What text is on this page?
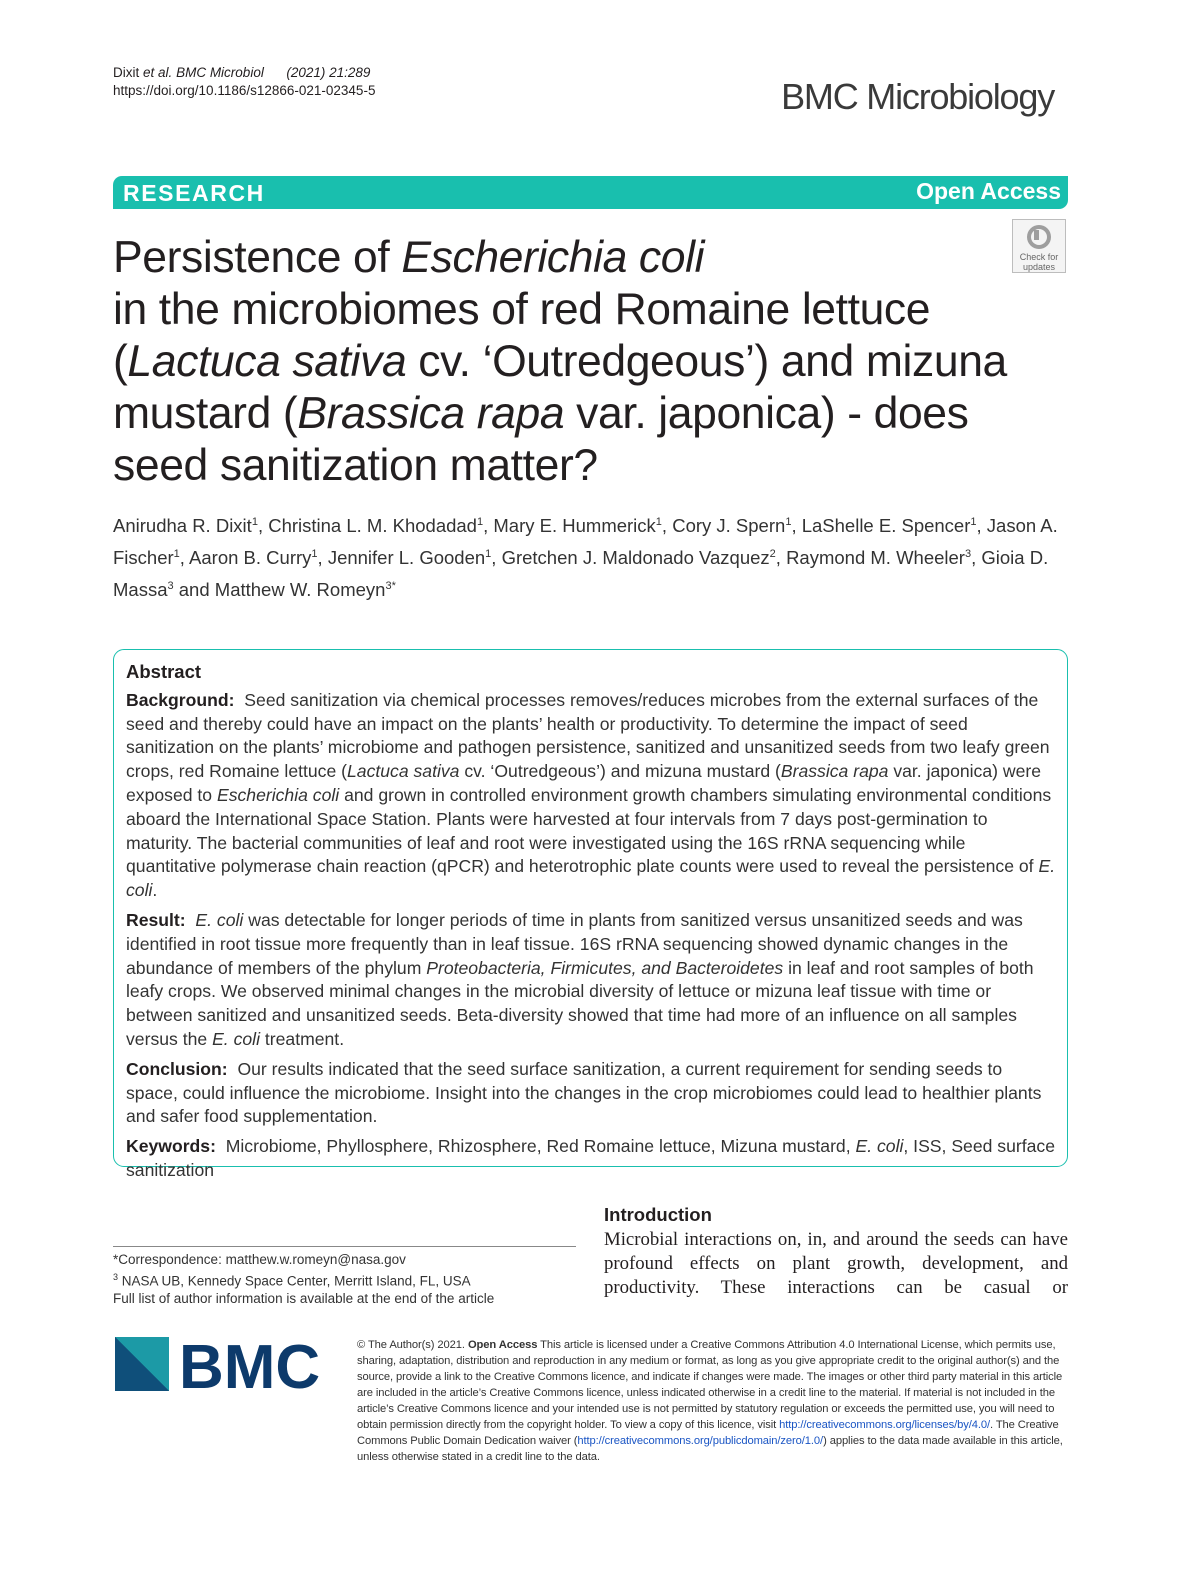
Dixit et al. BMC Microbiol (2021) 21:289
https://doi.org/10.1186/s12866-021-02345-5	BMC Microbiology
RESEARCH	Open Access
Check for
updates
Persistence of Escherichia coli
in the microbiomes of red Romaine lettuce (Lactuca sativa cv. ‘Outredgeous’) and mizuna mustard (Brassica rapa var. japonica) - does seed sanitization matter?
Anirudha R. Dixit$^1$, Christina L. M. Khodadad$^1$, Mary E. Hummerick$^1$, Cory J. Spern$^1$, LaShelle E. Spencer$^1$, Jason A. Fischer$^1$, Aaron B. Curry$^1$, Jennifer L. Gooden$^1$, Gretchen J. Maldonado Vazquez$^2$, Raymond M. Wheeler$^3$, Gioia D. Massa$^3$ and Matthew W. Romeyn$^{3*}$
Abstract

Background: Seed sanitization via chemical processes removes/reduces microbes from the external surfaces of the seed and thereby could have an impact on the plants’ health or productivity. To determine the impact of seed sanitization on the plants’ microbiome and pathogen persistence, sanitized and unsanitized seeds from two leafy green crops, red Romaine lettuce (Lactuca sativa cv. ‘Outredgeous’) and mizuna mustard (Brassica rapa var. japonica) were exposed to Escherichia coli and grown in controlled environment growth chambers simulating environmental conditions aboard the International Space Station. Plants were harvested at four intervals from 7 days post-germination to maturity. The bacterial communities of leaf and root were investigated using the 16S rRNA sequencing while quantitative polymerase chain reaction (qPCR) and heterotrophic plate counts were used to reveal the persistence of E. coli.

Result: E. coli was detectable for longer periods of time in plants from sanitized versus unsanitized seeds and was identified in root tissue more frequently than in leaf tissue. 16S rRNA sequencing showed dynamic changes in the abundance of members of the phylum Proteobacteria, Firmicutes, and Bacteroidetes in leaf and root samples of both leafy crops. We observed minimal changes in the microbial diversity of lettuce or mizuna leaf tissue with time or between sanitized and unsanitized seeds. Beta-diversity showed that time had more of an influence on all samples versus the E. coli treatment.

Conclusion: Our results indicated that the seed surface sanitization, a current requirement for sending seeds to space, could influence the microbiome. Insight into the changes in the crop microbiomes could lead to healthier plants and safer food supplementation.

Keywords: Microbiome, Phyllosphere, Rhizosphere, Red Romaine lettuce, Mizuna mustard, E. coli, ISS, Seed surface sanitization

Introduction
Microbial interactions on, in, and around the seeds can have profound effects on plant growth, development, and productivity. These interactions can be casual or
*Correspondence: matthew.w.romeyn@nasa.gov
$^3$ NASA UB, Kennedy Space Center, Merritt Island, FL, USA
Full list of author information is available at the end of the article
BMC	© The Author(s) 2021. Open Access This article is licensed under a Creative Commons Attribution 4.0 International License, which permits use, sharing, adaptation, distribution and reproduction in any medium or format, as long as you give appropriate credit to the original author(s) and the source, provide a link to the Creative Commons licence, and indicate if changes were made. The images or other third party material in this article are included in the article’s Creative Commons licence, unless indicated otherwise in a credit line to the material. If material is not included in the article’s Creative Commons licence and your intended use is not permitted by statutory regulation or exceeds the permitted use, you will need to obtain permission directly from the copyright holder. To view a copy of this licence, visit http://creativecommons.org/licenses/by/4.0/. The Creative Commons Public Domain Dedication waiver (http://creativecommons.org/publicdomain/zero/1.0/) applies to the data made available in this article, unless otherwise stated in a credit line to the data.
